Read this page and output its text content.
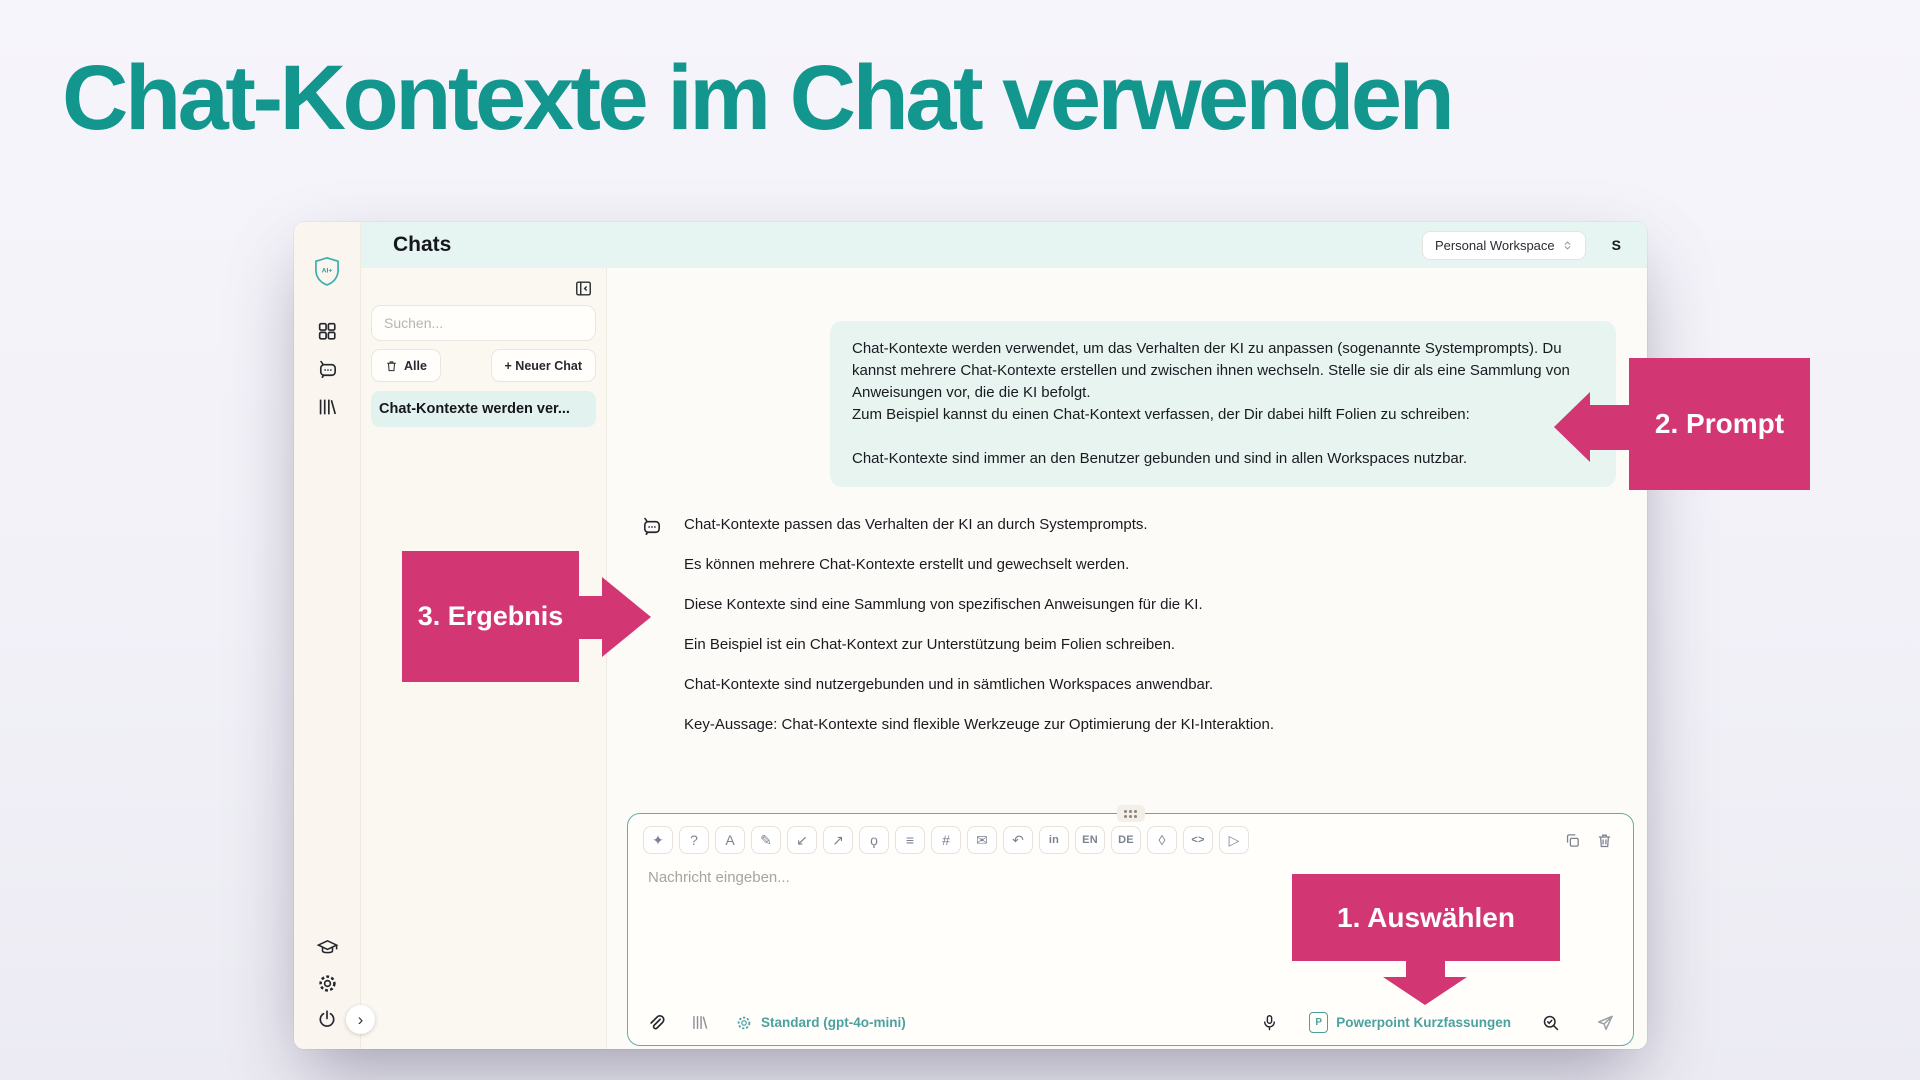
Chat-Kontexte im Chat verwenden
AI+
›
Chats	Personal Workspace	S
Suchen...
Alle	+ Neuer Chat
Chat-Kontexte werden ver...

Chat-Kontexte werden verwendet, um das Verhalten der KI zu anpassen (sogenannte Systemprompts). Du kannst mehrere Chat-Kontexte erstellen und zwischen ihnen wechseln. Stelle sie dir als eine Sammlung von Anweisungen vor, die die KI befolgt.

Zum Beispiel kannst du einen Chat-Kontext verfassen, der Dir dabei hilft Folien zu schreiben:

Chat-Kontexte sind immer an den Benutzer gebunden und sind in allen Workspaces nutzbar.

Chat-Kontexte passen das Verhalten der KI an durch Systemprompts.

Es können mehrere Chat-Kontexte erstellt und gewechselt werden.

Diese Kontexte sind eine Sammlung von spezifischen Anweisungen für die KI.

Ein Beispiel ist ein Chat-Kontext zur Unterstützung beim Folien schreiben.

Chat-Kontexte sind nutzergebunden und in sämtlichen Workspaces anwendbar.

Key-Aussage: Chat-Kontexte sind flexible Werkzeuge zur Optimierung der KI-Interaktion.

✦	?	A	✎	↙	↗	ϙ	≡	#	✉	↶	in	EN	DE	◊	<>	▷
Nachricht eingeben...
Standard (gpt-4o-mini)	P	Powerpoint Kurzfassungen
2. Prompt
3. Ergebnis
1. Auswählen
